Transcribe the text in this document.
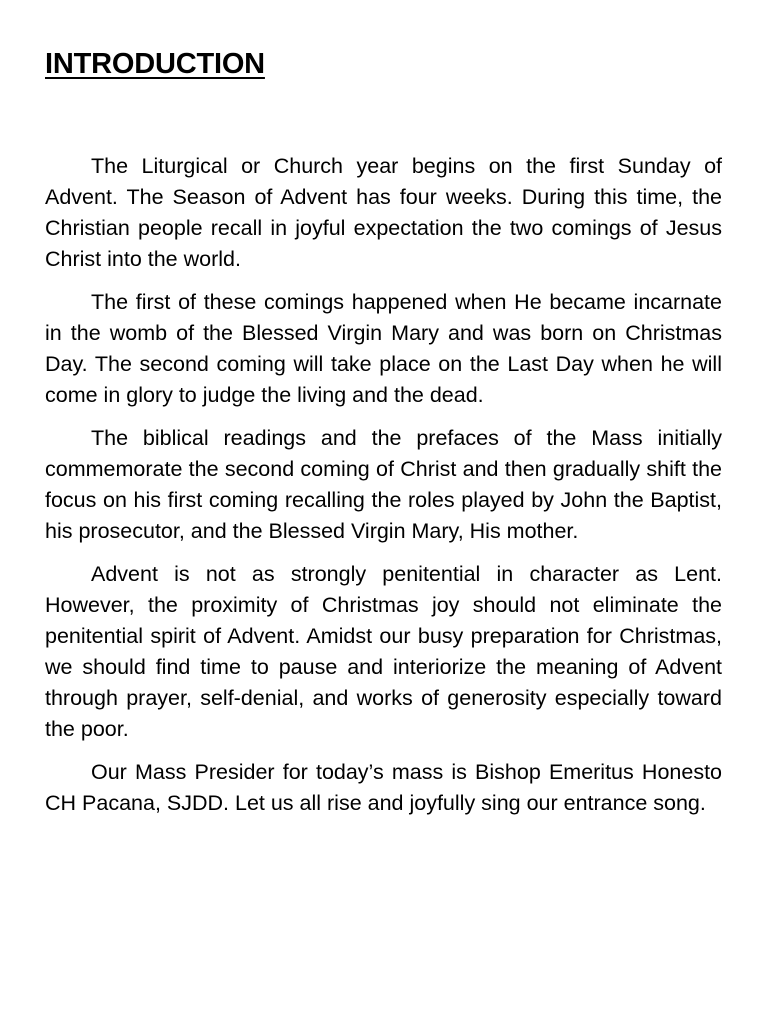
INTRODUCTION

The Liturgical or Church year begins on the first Sunday of Advent. The Season of Advent has four weeks. During this time, the Christian people recall in joyful expectation the two comings of Jesus Christ into the world.

The first of these comings happened when He became incarnate in the womb of the Blessed Virgin Mary and was born on Christmas Day. The second coming will take place on the Last Day when he will come in glory to judge the living and the dead.

The biblical readings and the prefaces of the Mass initially commemorate the second coming of Christ and then gradually shift the focus on his first coming recalling the roles played by John the Baptist, his prosecutor, and the Blessed Virgin Mary, His mother.

Advent is not as strongly penitential in character as Lent. However, the proximity of Christmas joy should not eliminate the penitential spirit of Advent. Amidst our busy preparation for Christmas, we should find time to pause and interiorize the meaning of Advent through prayer, self-denial, and works of generosity especially toward the poor.

Our Mass Presider for today’s mass is Bishop Emeritus Honesto CH Pacana, SJDD. Let us all rise and joyfully sing our entrance song.
